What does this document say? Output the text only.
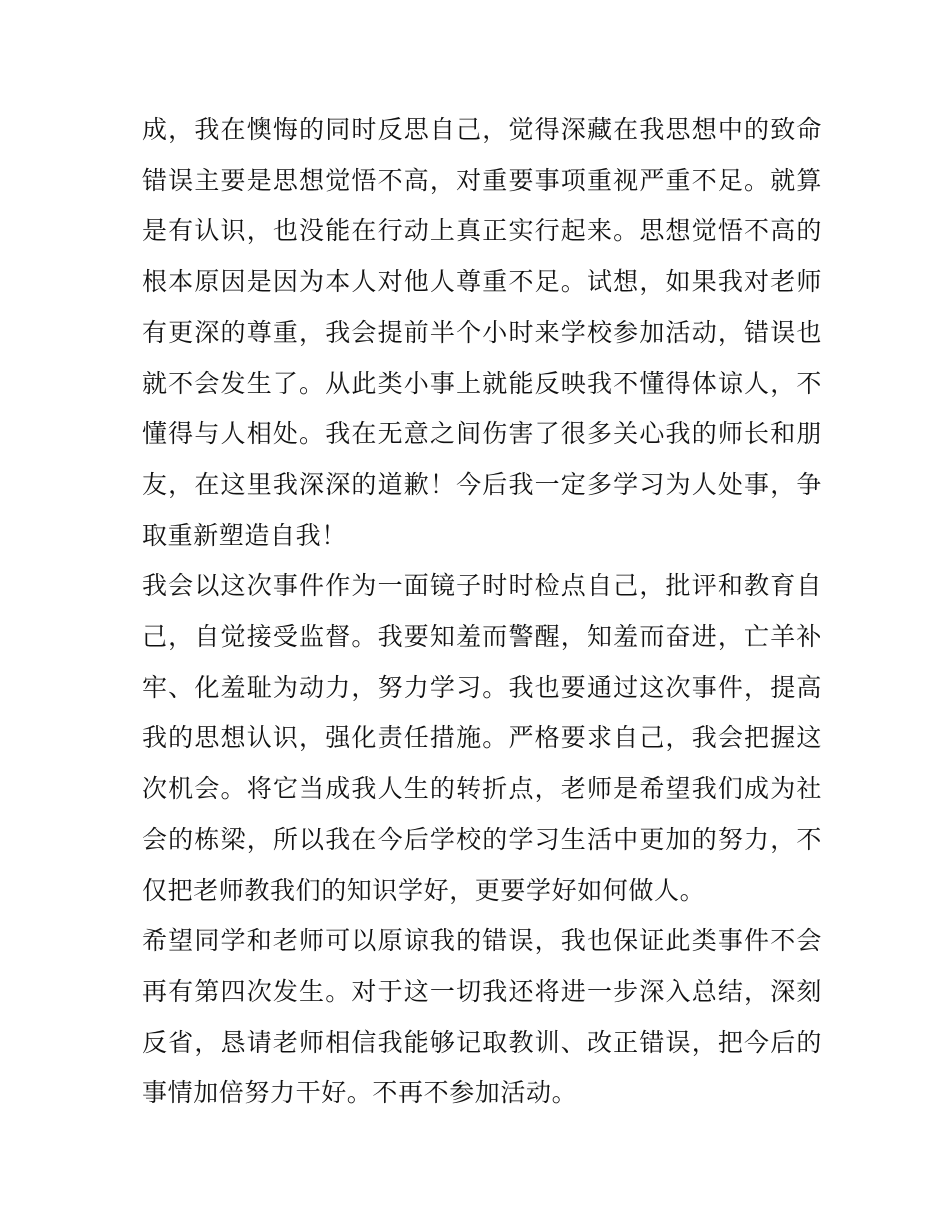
成，我在懊悔的同时反思自己，觉得深藏在我思想中的致命错误主要是思想觉悟不高，对重要事项重视严重不足。就算是有认识，也没能在行动上真正实行起来。思想觉悟不高的根本原因是因为本人对他人尊重不足。试想，如果我对老师有更深的尊重，我会提前半个小时来学校参加活动，错误也就不会发生了。从此类小事上就能反映我不懂得体谅人，不懂得与人相处。我在无意之间伤害了很多关心我的师长和朋友，在这里我深深的道歉！今后我一定多学习为人处事，争取重新塑造自我！

我会以这次事件作为一面镜子时时检点自己，批评和教育自己，自觉接受监督。我要知羞而警醒，知羞而奋进，亡羊补牢、化羞耻为动力，努力学习。我也要通过这次事件，提高我的思想认识，强化责任措施。严格要求自己，我会把握这次机会。将它当成我人生的转折点，老师是希望我们成为社会的栋梁，所以我在今后学校的学习生活中更加的努力，不仅把老师教我们的知识学好，更要学好如何做人。

希望同学和老师可以原谅我的错误，我也保证此类事件不会再有第四次发生。对于这一切我还将进一步深入总结，深刻反省，恳请老师相信我能够记取教训、改正错误，把今后的事情加倍努力干好。不再不参加活动。
